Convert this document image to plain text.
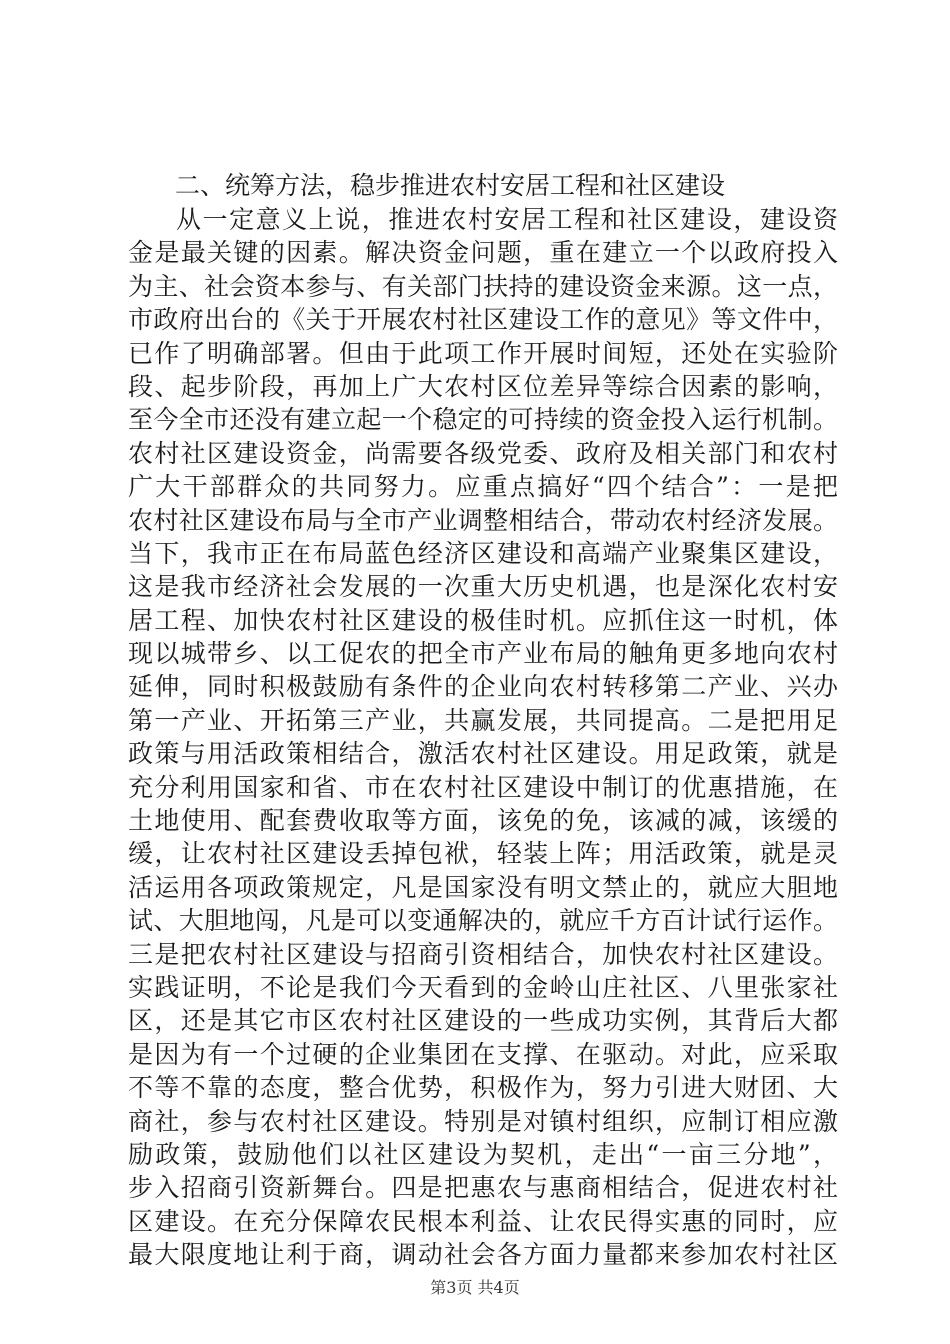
二、统筹方法，稳步推进农村安居工程和社区建设
从一定意义上说，推进农村安居工程和社区建设，建设资
金是最关键的因素。解决资金问题，重在建立一个以政府投入
为主、社会资本参与、有关部门扶持的建设资金来源。这一点，
市政府出台的《关于开展农村社区建设工作的意见》等文件中，
已作了明确部署。但由于此项工作开展时间短，还处在实验阶
段、起步阶段，再加上广大农村区位差异等综合因素的影响，
至今全市还没有建立起一个稳定的可持续的资金投入运行机制。
农村社区建设资金，尚需要各级党委、政府及相关部门和农村
广大干部群众的共同努力。应重点搞好“四个结合”：一是把
农村社区建设布局与全市产业调整相结合，带动农村经济发展。
当下，我市正在布局蓝色经济区建设和高端产业聚集区建设，
这是我市经济社会发展的一次重大历史机遇，也是深化农村安
居工程、加快农村社区建设的极佳时机。应抓住这一时机，体
现以城带乡、以工促农的把全市产业布局的触角更多地向农村
延伸，同时积极鼓励有条件的企业向农村转移第二产业、兴办
第一产业、开拓第三产业，共赢发展，共同提高。二是把用足
政策与用活政策相结合，激活农村社区建设。用足政策，就是
充分利用国家和省、市在农村社区建设中制订的优惠措施，在
土地使用、配套费收取等方面，该免的免，该减的减，该缓的
缓，让农村社区建设丢掉包袱，轻装上阵；用活政策，就是灵
活运用各项政策规定，凡是国家没有明文禁止的，就应大胆地
试、大胆地闯，凡是可以变通解决的，就应千方百计试行运作。
三是把农村社区建设与招商引资相结合，加快农村社区建设。
实践证明，不论是我们今天看到的金岭山庄社区、八里张家社
区，还是其它市区农村社区建设的一些成功实例，其背后大都
是因为有一个过硬的企业集团在支撑、在驱动。对此，应采取
不等不靠的态度，整合优势，积极作为，努力引进大财团、大
商社，参与农村社区建设。特别是对镇村组织，应制订相应激
励政策，鼓励他们以社区建设为契机，走出“一亩三分地”，
步入招商引资新舞台。四是把惠农与惠商相结合，促进农村社
区建设。在充分保障农民根本利益、让农民得实惠的同时，应
最大限度地让利于商，调动社会各方面力量都来参加农村社区
第3页 共4页
